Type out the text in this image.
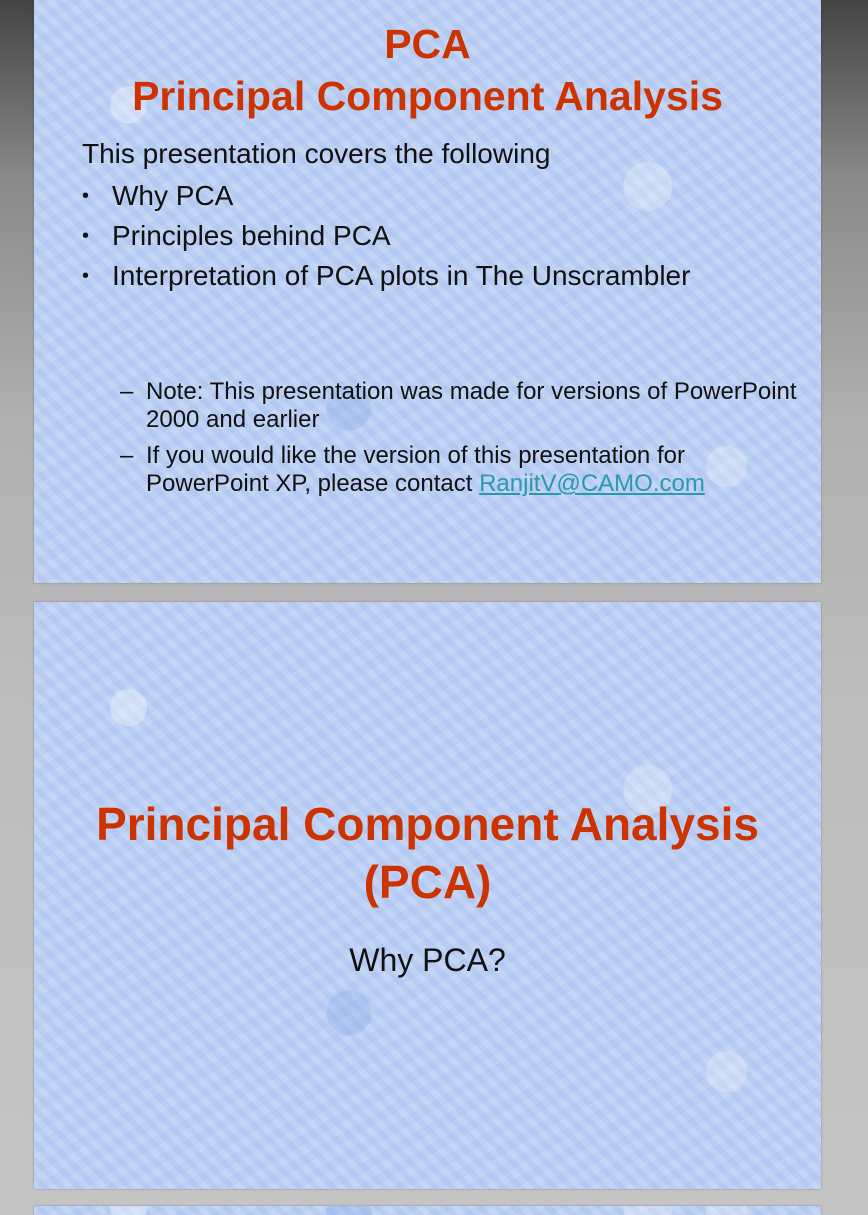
PCA
Principal Component Analysis

This presentation covers the following

• Why PCA
• Principles behind PCA
• Interpretation of PCA plots in The Unscrambler
– Note: This presentation was made for versions of PowerPoint 2000 and earlier
– If you would like the version of this presentation for PowerPoint XP, please contact RanjitV@CAMO.com
Principal Component Analysis
(PCA)

Why PCA?
